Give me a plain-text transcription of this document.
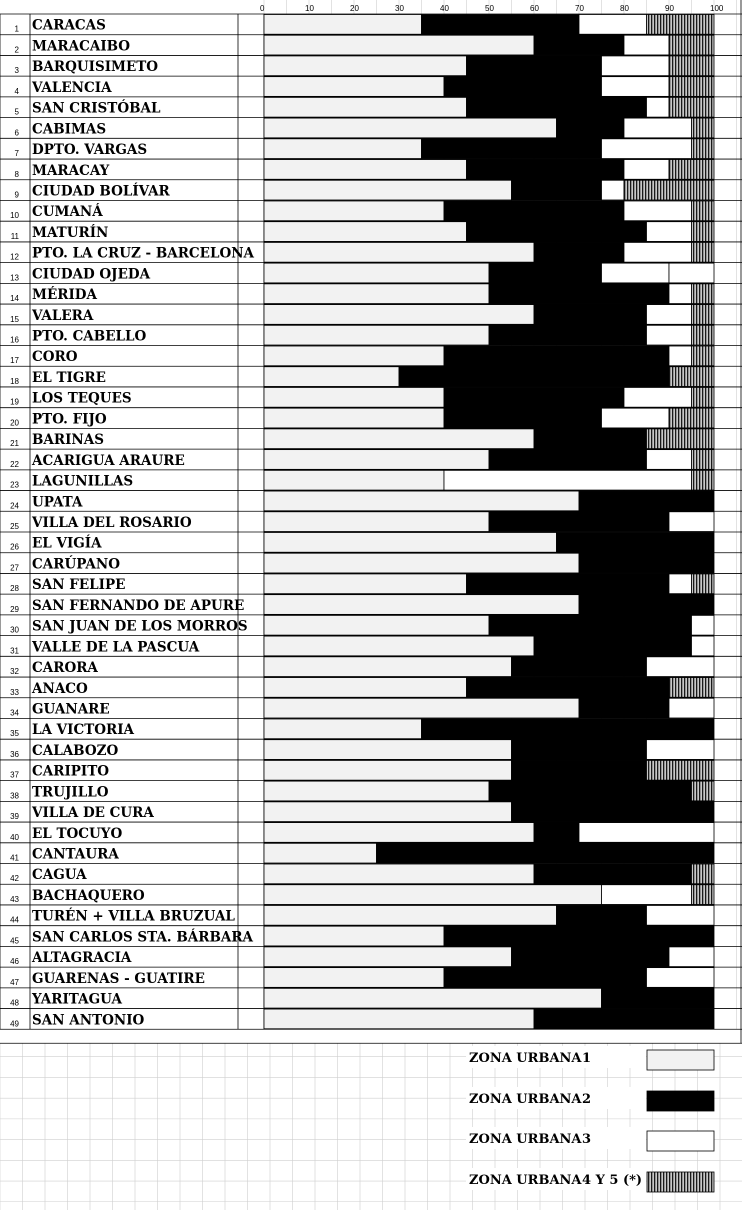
1 CARACAS
2 MARACAIBO
3 BARQUISIMETO
4 VALENCIA
5 SAN CRISTÓBAL
6 CABIMAS
7 DPTO. VARGAS
8 MARACAY
9 CIUDAD BOLÍVAR
10 CUMANÁ
11 MATURÍN
12 PTO. LA CRUZ - BARCELONA
13 CIUDAD OJEDA
14 MÉRIDA
15 VALERA
16 PTO. CABELLO
17 CORO
18 EL TIGRE
19 LOS TEQUES
20 PTO. FIJO
21 BARINAS
22 ACARIGUA ARAURE
23 LAGUNILLAS
24 UPATA
25 VILLA DEL ROSARIO
26 EL VIGÍA
27 CARÚPANO
28 SAN FELIPE
29 SAN FERNANDO DE APURE
30 SAN JUAN DE LOS MORROS
31 VALLE DE LA PASCUA
32 CARORA
33 ANACO
34 GUANARE
35 LA VICTORIA
36 CALABOZO
37 CARIPITO
38 TRUJILLO
39 VILLA DE CURA
40 EL TOCUYO
41 CANTAURA
42 CAGUA
43 BACHAQUERO
44 TURÉN + VILLA BRUZUAL
45 SAN CARLOS STA. BÁRBARA
46 ALTAGRACIA
47 GUARENAS - GUATIRE
48 YARITAGUA
49 SAN ANTONIO
0	10	20	30	40	50	60	70	80	90	100
ZONA URBANA 1
ZONA URBANA 2
ZONA URBANA 3
ZONA URBANA 4 Y 5 (*)
